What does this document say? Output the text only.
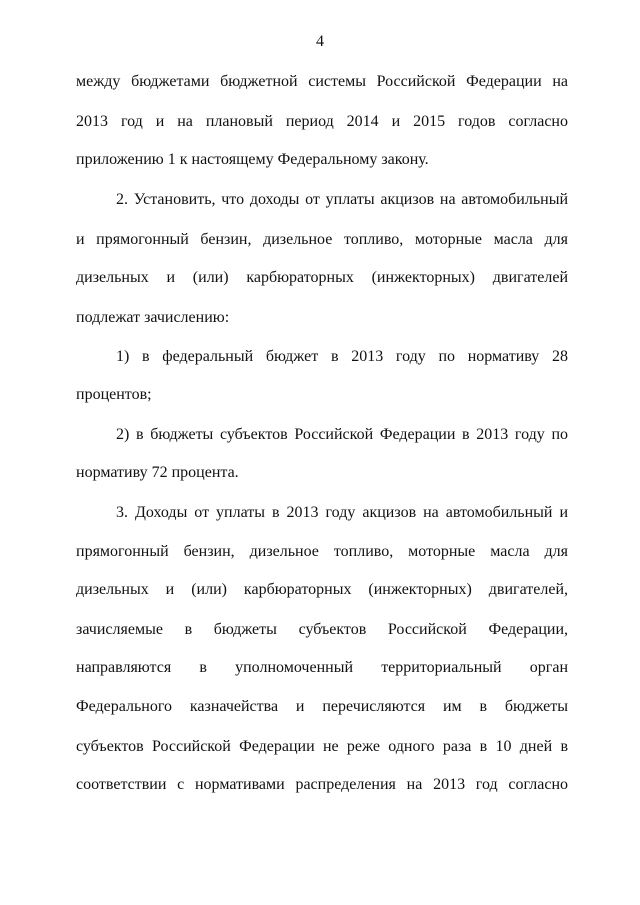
4
между бюджетами бюджетной системы Российской Федерации на
2013 год и на плановый период 2014 и 2015 годов согласно
приложению 1 к настоящему Федеральному закону.
2. Установить, что доходы от уплаты акцизов на автомобильный
и прямогонный бензин, дизельное топливо, моторные масла для
дизельных и (или) карбюраторных (инжекторных) двигателей
подлежат зачислению:
1) в федеральный бюджет в 2013 году по нормативу 28
процентов;
2) в бюджеты субъектов Российской Федерации в 2013 году по
нормативу 72 процента.
3. Доходы от уплаты в 2013 году акцизов на автомобильный и
прямогонный бензин, дизельное топливо, моторные масла для
дизельных и (или) карбюраторных (инжекторных) двигателей,
зачисляемые в бюджеты субъектов Российской Федерации,
направляются в уполномоченный территориальный орган
Федерального казначейства и перечисляются им в бюджеты
субъектов Российской Федерации не реже одного раза в 10 дней в
соответствии с нормативами распределения на 2013 год согласно
